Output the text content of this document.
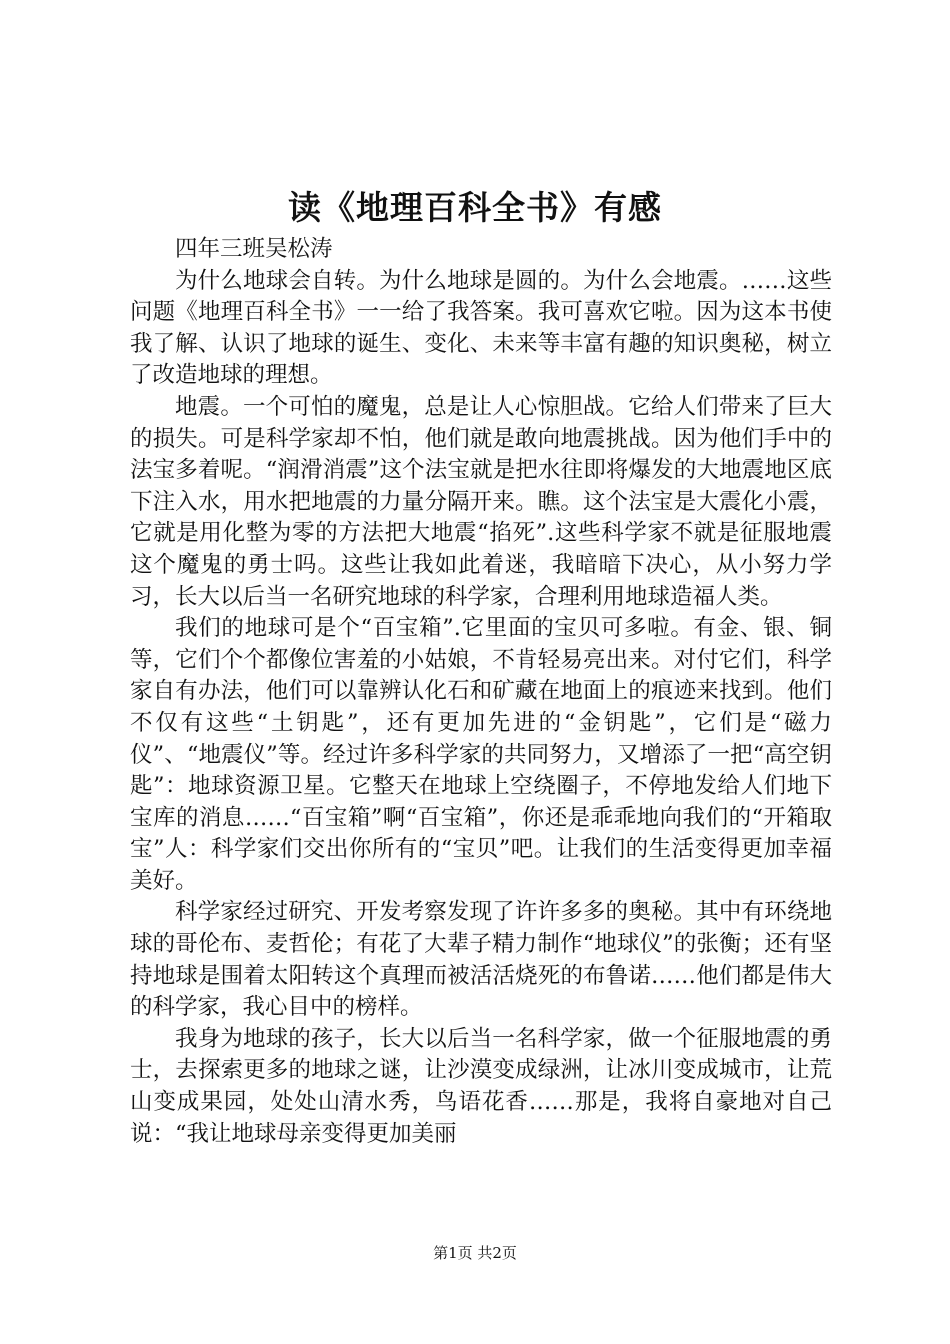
读《地理百科全书》有感

四年三班吴松涛

为什么地球会自转。为什么地球是圆的。为什么会地震。……这些问题《地理百科全书》一一给了我答案。我可喜欢它啦。因为这本书使我了解、认识了地球的诞生、变化、未来等丰富有趣的知识奥秘，树立了改造地球的理想。

地震。一个可怕的魔鬼，总是让人心惊胆战。它给人们带来了巨大的损失。可是科学家却不怕，他们就是敢向地震挑战。因为他们手中的法宝多着呢。“润滑消震”这个法宝就是把水往即将爆发的大地震地区底下注入水，用水把地震的力量分隔开来。瞧。这个法宝是大震化小震，它就是用化整为零的方法把大地震“掐死”.这些科学家不就是征服地震这个魔鬼的勇士吗。这些让我如此着迷，我暗暗下决心，从小努力学习，长大以后当一名研究地球的科学家，合理利用地球造福人类。

我们的地球可是个“百宝箱”.它里面的宝贝可多啦。有金、银、铜等，它们个个都像位害羞的小姑娘，不肯轻易亮出来。对付它们，科学家自有办法，他们可以靠辨认化石和矿藏在地面上的痕迹来找到。他们不仅有这些“土钥匙”，还有更加先进的“金钥匙”，它们是“磁力仪”、“地震仪”等。经过许多科学家的共同努力，又增添了一把“高空钥匙”：地球资源卫星。它整天在地球上空绕圈子，不停地发给人们地下宝库的消息……“百宝箱”啊“百宝箱”，你还是乖乖地向我们的“开箱取宝”人：科学家们交出你所有的“宝贝”吧。让我们的生活变得更加幸福美好。

科学家经过研究、开发考察发现了许许多多的奥秘。其中有环绕地球的哥伦布、麦哲伦；有花了大辈子精力制作“地球仪”的张衡；还有坚持地球是围着太阳转这个真理而被活活烧死的布鲁诺……他们都是伟大的科学家，我心目中的榜样。

我身为地球的孩子，长大以后当一名科学家，做一个征服地震的勇士，去探索更多的地球之谜，让沙漠变成绿洲，让冰川变成城市，让荒山变成果园，处处山清水秀，鸟语花香……那是，我将自豪地对自己说：“我让地球母亲变得更加美丽

第1页 共2页
